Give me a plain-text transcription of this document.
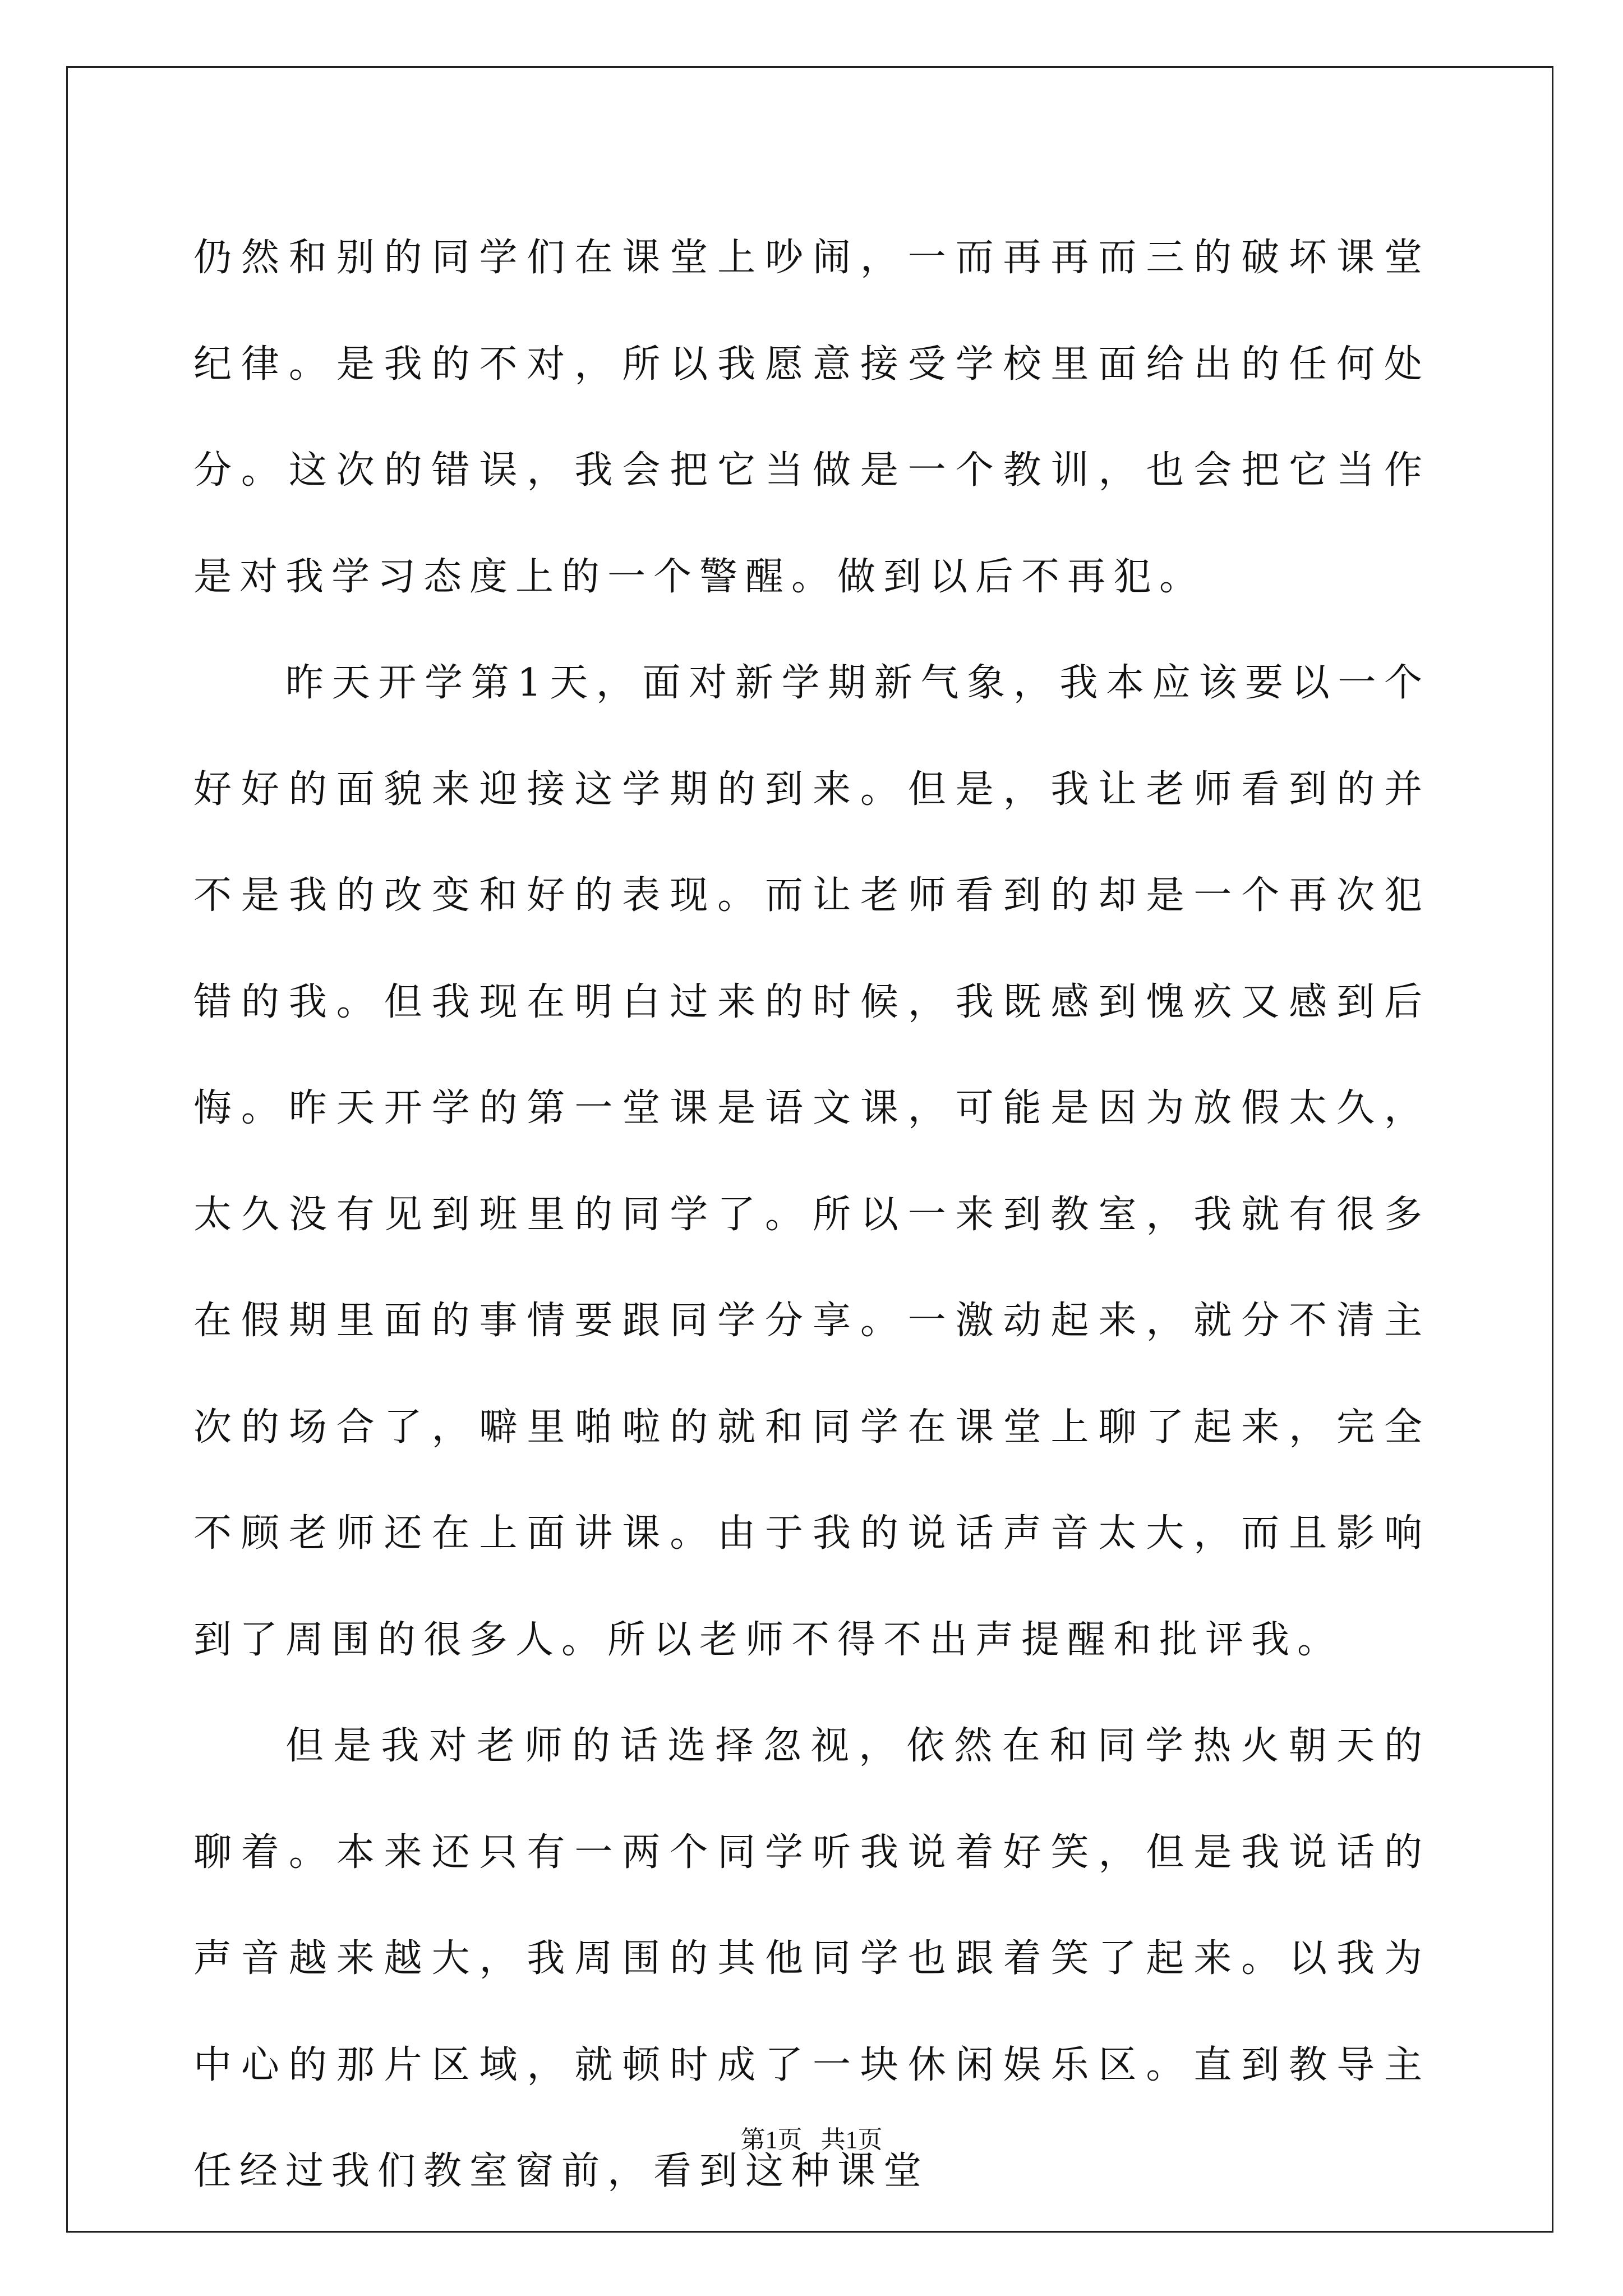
仍然和别的同学们在课堂上吵闹，一而再再而三的破坏课堂纪律。是我的不对，所以我愿意接受学校里面给出的任何处分。这次的错误，我会把它当做是一个教训，也会把它当作是对我学习态度上的一个警醒。做到以后不再犯。

昨天开学第1天，面对新学期新气象，我本应该要以一个好好的面貌来迎接这学期的到来。但是，我让老师看到的并不是我的改变和好的表现。而让老师看到的却是一个再次犯错的我。但我现在明白过来的时候，我既感到愧疚又感到后悔。昨天开学的第一堂课是语文课，可能是因为放假太久，太久没有见到班里的同学了。所以一来到教室，我就有很多在假期里面的事情要跟同学分享。一激动起来，就分不清主次的场合了，噼里啪啦的就和同学在课堂上聊了起来，完全不顾老师还在上面讲课。由于我的说话声音太大，而且影响到了周围的很多人。所以老师不得不出声提醒和批评我。

但是我对老师的话选择忽视，依然在和同学热火朝天的聊着。本来还只有一两个同学听我说着好笑，但是我说话的声音越来越大，我周围的其他同学也跟着笑了起来。以我为中心的那片区域，就顿时成了一块休闲娱乐区。直到教导主任经过我们教室窗前，看到这种课堂

第1页   共1页
